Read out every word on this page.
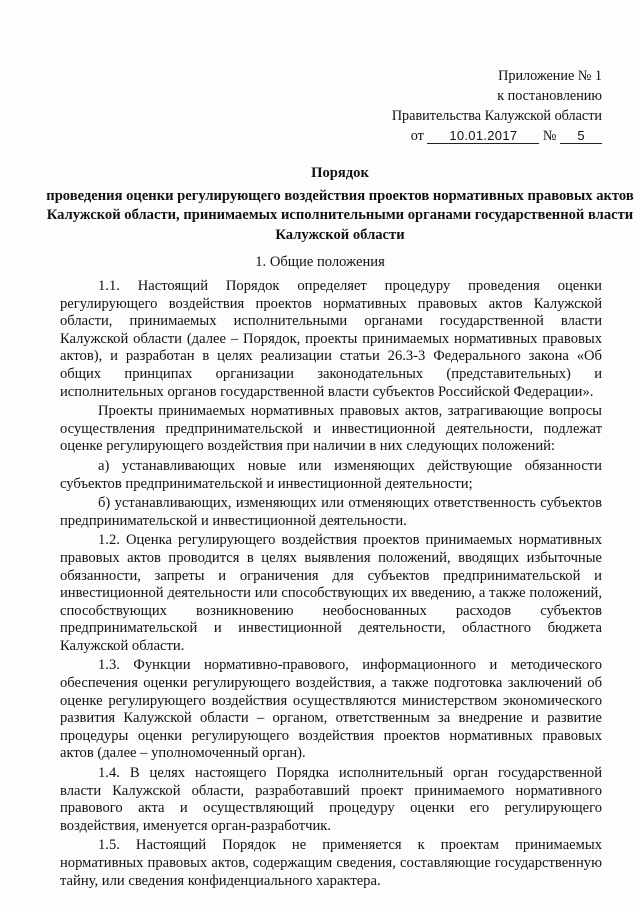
Приложение № 1
к постановлению
Правительства Калужской области
от 10.01.2017 № 5
Порядок
проведения оценки регулирующего воздействия проектов нормативных правовых актов Калужской области, принимаемых исполнительными органами государственной власти Калужской области
1. Общие положения

1.1. Настоящий Порядок определяет процедуру проведения оценки регулирующего воздействия проектов нормативных правовых актов Калужской области, принимаемых исполнительными органами государственной власти Калужской области (далее – Порядок, проекты принимаемых нормативных правовых актов), и разработан в целях реализации статьи 26.3-3 Федерального закона «Об общих принципах организации законодательных (представительных) и исполнительных органов государственной власти субъектов Российской Федерации».

Проекты принимаемых нормативных правовых актов, затрагивающие вопросы осуществления предпринимательской и инвестиционной деятельности, подлежат оценке регулирующего воздействия при наличии в них следующих положений:

а) устанавливающих новые или изменяющих действующие обязанности субъектов предпринимательской и инвестиционной деятельности;

б) устанавливающих, изменяющих или отменяющих ответственность субъектов предпринимательской и инвестиционной деятельности.

1.2. Оценка регулирующего воздействия проектов принимаемых нормативных правовых актов проводится в целях выявления положений, вводящих избыточные обязанности, запреты и ограничения для субъектов предпринимательской и инвестиционной деятельности или способствующих их введению, а также положений, способствующих возникновению необоснованных расходов субъектов предпринимательской и инвестиционной деятельности, областного бюджета Калужской области.

1.3. Функции нормативно-правового, информационного и методического обеспечения оценки регулирующего воздействия, а также подготовка заключений об оценке регулирующего воздействия осуществляются министерством экономического развития Калужской области – органом, ответственным за внедрение и развитие процедуры оценки регулирующего воздействия проектов нормативных правовых актов (далее – уполномоченный орган).

1.4. В целях настоящего Порядка исполнительный орган государственной власти Калужской области, разработавший проект принимаемого нормативного правового акта и осуществляющий процедуру оценки его регулирующего воздействия, именуется орган-разработчик.

1.5. Настоящий Порядок не применяется к проектам принимаемых нормативных правовых актов, содержащим сведения, составляющие государственную тайну, или сведения конфиденциального характера.
